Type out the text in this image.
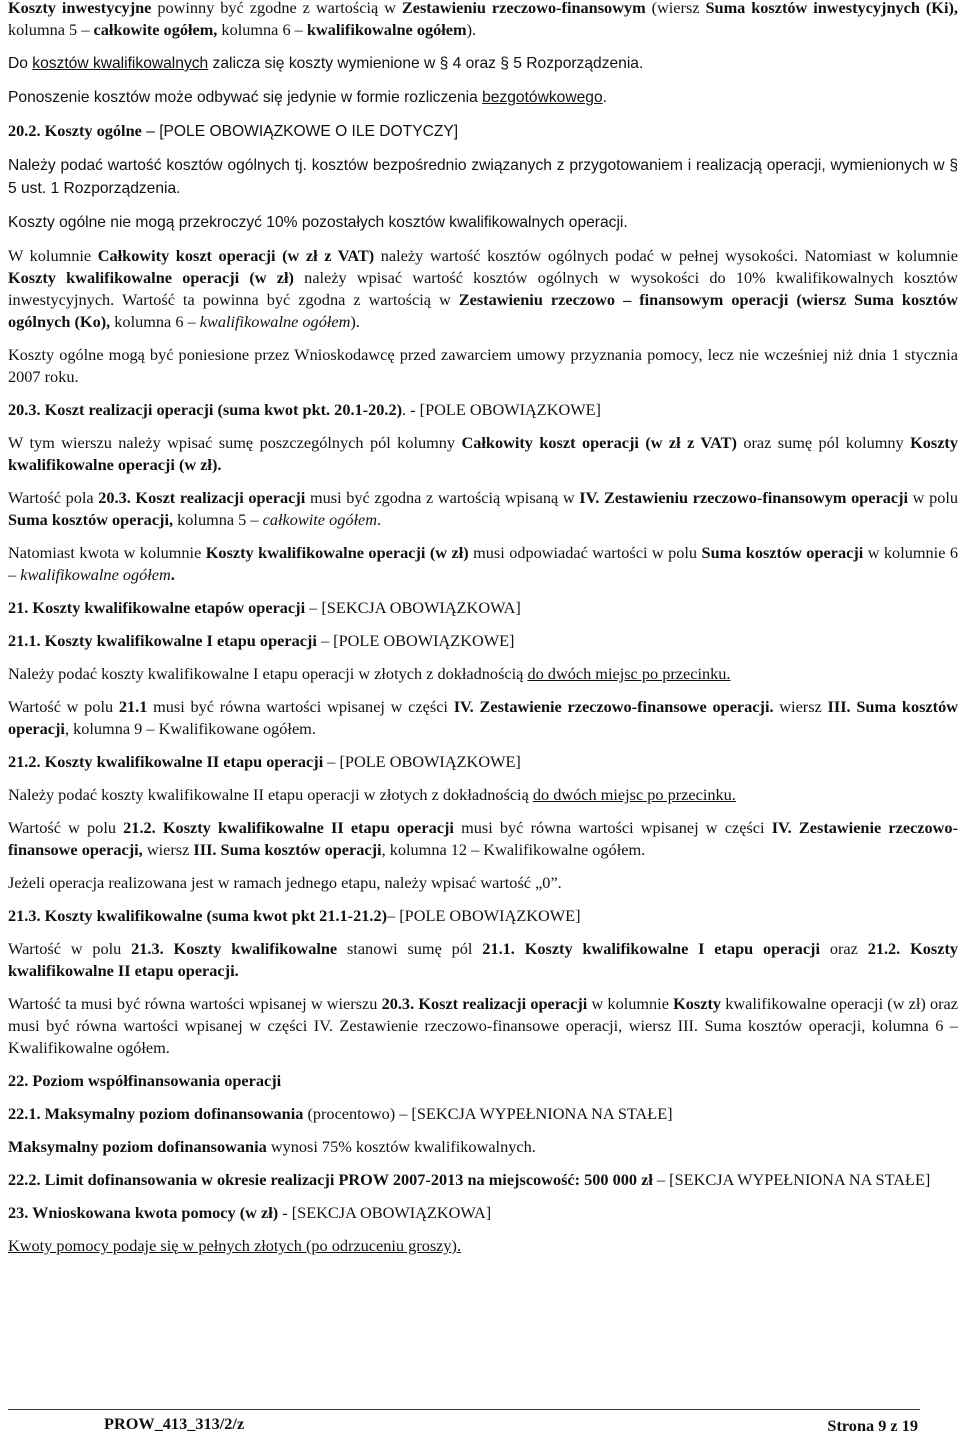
Koszty inwestycyjne powinny być zgodne z wartością w Zestawieniu rzeczowo-finansowym (wiersz Suma kosztów inwestycyjnych (Ki), kolumna 5 – całkowite ogółem, kolumna 6 – kwalifikowalne ogółem).

Do kosztów kwalifikowalnych zalicza się koszty wymienione w § 4 oraz § 5 Rozporządzenia.

Ponoszenie kosztów może odbywać się jedynie w formie rozliczenia bezgotówkowego.

20.2. Koszty ogólne – [POLE OBOWIĄZKOWE O ILE DOTYCZY]

Należy podać wartość kosztów ogólnych tj. kosztów bezpośrednio związanych z przygotowaniem i realizacją operacji, wymienionych w § 5 ust. 1 Rozporządzenia.

Koszty ogólne nie mogą przekroczyć 10% pozostałych kosztów kwalifikowalnych operacji.

W kolumnie Całkowity koszt operacji (w zł z VAT) należy wartość kosztów ogólnych podać w pełnej wysokości. Natomiast w kolumnie Koszty kwalifikowalne operacji (w zł) należy wpisać wartość kosztów ogólnych w wysokości do 10% kwalifikowalnych kosztów inwestycyjnych. Wartość ta powinna być zgodna z wartością w Zestawieniu rzeczowo – finansowym operacji (wiersz Suma kosztów ogólnych (Ko), kolumna 6 – kwalifikowalne ogółem).

Koszty ogólne mogą być poniesione przez Wnioskodawcę przed zawarciem umowy przyznania pomocy, lecz nie wcześniej niż dnia 1 stycznia 2007 roku.

20.3. Koszt realizacji operacji (suma kwot pkt. 20.1-20.2). - [POLE OBOWIĄZKOWE]

W tym wierszu należy wpisać sumę poszczególnych pól kolumny Całkowity koszt operacji (w zł z VAT) oraz sumę pól kolumny Koszty kwalifikowalne operacji (w zł).

Wartość pola 20.3. Koszt realizacji operacji musi być zgodna z wartością wpisaną w IV. Zestawieniu rzeczowo-finansowym operacji w polu Suma kosztów operacji, kolumna 5 – całkowite ogółem.

Natomiast kwota w kolumnie Koszty kwalifikowalne operacji (w zł) musi odpowiadać wartości w polu Suma kosztów operacji w kolumnie 6 – kwalifikowalne ogółem.

21. Koszty kwalifikowalne etapów operacji – [SEKCJA OBOWIĄZKOWA]

21.1. Koszty kwalifikowalne I etapu operacji – [POLE OBOWIĄZKOWE]

Należy podać koszty kwalifikowalne I etapu operacji w złotych z dokładnością do dwóch miejsc po przecinku.

Wartość w polu 21.1 musi być równa wartości wpisanej w części IV. Zestawienie rzeczowo-finansowe operacji. wiersz III. Suma kosztów operacji, kolumna 9 – Kwalifikowane ogółem.

21.2. Koszty kwalifikowalne II etapu operacji – [POLE OBOWIĄZKOWE]

Należy podać koszty kwalifikowalne II etapu operacji w złotych z dokładnością do dwóch miejsc po przecinku.

Wartość w polu 21.2. Koszty kwalifikowalne II etapu operacji musi być równa wartości wpisanej w części IV. Zestawienie rzeczowo-finansowe operacji, wiersz III. Suma kosztów operacji, kolumna 12 – Kwalifikowalne ogółem.

Jeżeli operacja realizowana jest w ramach jednego etapu, należy wpisać wartość „0”.

21.3. Koszty kwalifikowalne (suma kwot pkt 21.1-21.2)– [POLE OBOWIĄZKOWE]

Wartość w polu 21.3. Koszty kwalifikowalne stanowi sumę pól 21.1. Koszty kwalifikowalne I etapu operacji oraz 21.2. Koszty kwalifikowalne II etapu operacji.

Wartość ta musi być równa wartości wpisanej w wierszu 20.3. Koszt realizacji operacji w kolumnie Koszty kwalifikowalne operacji (w zł) oraz musi być równa wartości wpisanej w części IV. Zestawienie rzeczowo-finansowe operacji, wiersz III. Suma kosztów operacji, kolumna 6 – Kwalifikowalne ogółem.

22. Poziom współfinansowania operacji

22.1. Maksymalny poziom dofinansowania (procentowo) – [SEKCJA WYPEŁNIONA NA STAŁE]

Maksymalny poziom dofinansowania wynosi 75% kosztów kwalifikowalnych.

22.2. Limit dofinansowania w okresie realizacji PROW 2007-2013 na miejscowość: 500 000 zł – [SEKCJA WYPEŁNIONA NA STAŁE]

23. Wnioskowana kwota pomocy (w zł) - [SEKCJA OBOWIĄZKOWA]

Kwoty pomocy podaje się w pełnych złotych (po odrzuceniu groszy).

PROW_413_313/2/z	Strona 9 z 19
